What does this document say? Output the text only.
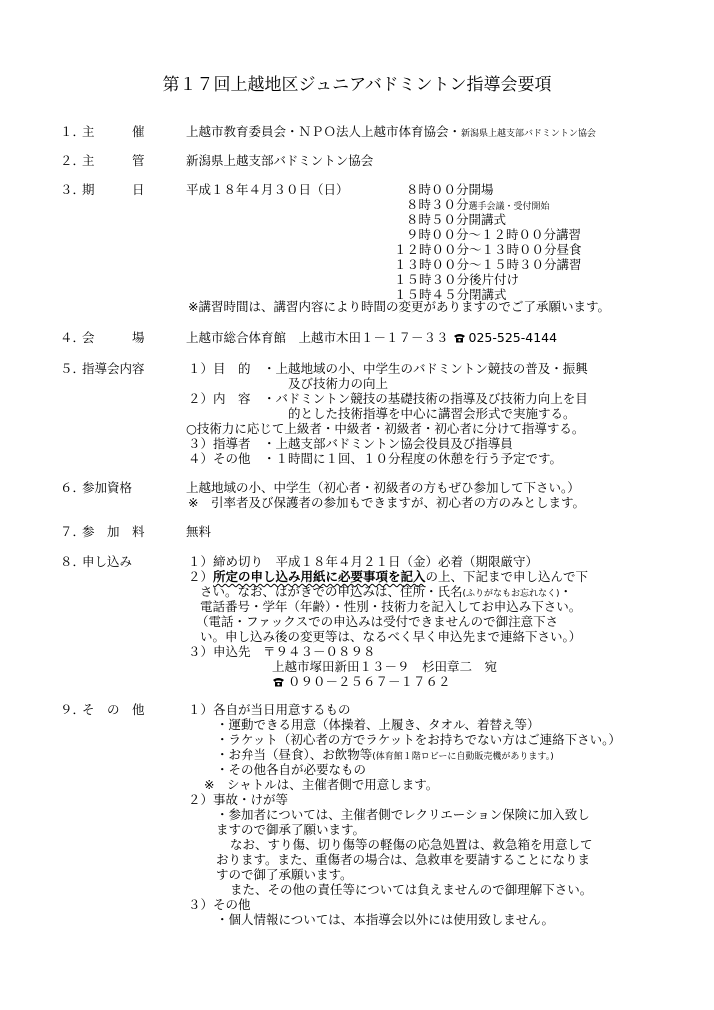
第１７回上越地区ジュニアバドミントン指導会要項
１．
主　　　催	上越市教育委員会・ＮＰＯ法人上越市体育協会・新潟県上越支部バドミントン協会
２．
主　　　管	新潟県上越支部バドミントン協会
３．
期　　　日	平成１８年４月３０日（日）	８時００分開場
８時３０分選手会議・受付開始
８時５０分開講式
９時００分～１２時００分講習
１２時００分～１３時００分昼食
１３時００分～１５時３０分講習
１５時３０分後片付け
１５時４５分閉講式
※講習時間は、講習内容により時間の変更がありますのでご了承願います。
４．
会　　　場	上越市総合体育館　上越市木田１－１７－３３ 025-525-4144
５．
指導会内容	１）目　的　・上越地域の小、中学生のバドミントン競技の普及・振興
及び技術力の向上
２）内　容　・バドミントン競技の基礎技術の指導及び技術力向上を目
的とした技術指導を中心に講習会形式で実施する。
○技術力に応じて上級者・中級者・初級者・初心者に分けて指導する。
３）指導者　・上越支部バドミントン協会役員及び指導員
４）その他　・１時間に１回、１０分程度の休憩を行う予定です。
６．
参加資格	上越地域の小、中学生（初心者・初級者の方もぜひ参加して下さい。）
※　引率者及び保護者の参加もできますが、初心者の方のみとします。
７．
参　加　料	無料
８．
申し込み	１）締め切り　平成１８年４月２１日（金）必着（期限厳守）
２）所定の申し込み用紙に必要事項を記入の上、下記まで申し込んで下
さい。なお、はがきでの申込みは、住所・氏名(ふりがなもお忘れなく)・
電話番号・学年（年齢）・性別・技術力を記入してお申込み下さい。
（電話・ファックスでの申込みは受付できませんので御注意下さ
い。申し込み後の変更等は、なるべく早く申込先まで連絡下さい。）
３）申込先　〒９４３－０８９８
上越市塚田新田１３－９　杉田章二　宛
０９０－２５６７－１７６２
９．
そ　の　他	１）各自が当日用意するもの
・運動できる用意（体操着、上履き、タオル、着替え等）
・ラケット（初心者の方でラケットをお持ちでない方はご連絡下さい。）
・お弁当（昼食）、お飲物等(体育館１階ロビーに自動販売機があります。)
・その他各自が必要なもの
※　シャトルは、主催者側で用意します。
２）事故・けが等
・参加者については、主催者側でレクリエーション保険に加入致し
ますので御承了願います。
なお、すり傷、切り傷等の軽傷の応急処置は、救急箱を用意して
おります。また、重傷者の場合は、急救車を要請することになりま
すので御了承願います。
また、その他の責任等については負えませんので御理解下さい。
３）その他
・個人情報については、本指導会以外には使用致しません。
